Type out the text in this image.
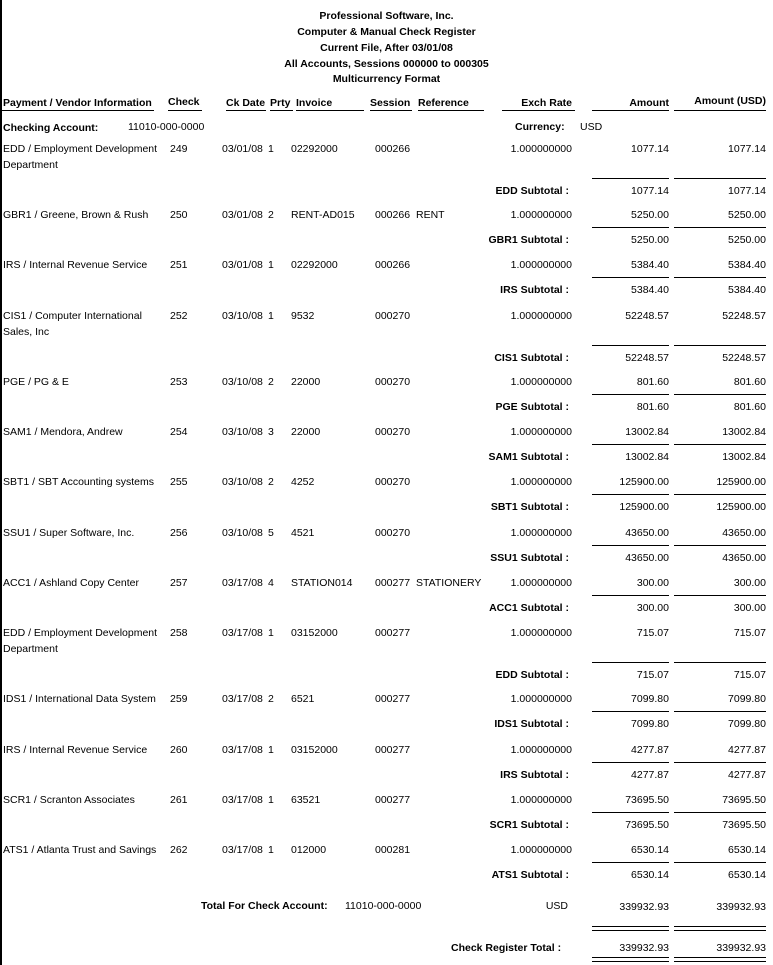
Professional Software, Inc.
Computer & Manual Check Register
Current File, After 03/01/08
All Accounts, Sessions 000000 to 000305
Multicurrency Format
Payment / Vendor Information Check	Ck Date Prty Invoice	Session Reference	Exch Rate	Amount	Amount (USD)
Checking Account:	11010-000-0000	Currency: USD
EDD / Employment Development Department
249	03/01/08 1 02292000	000266	1.000000000	1077.14	1077.14
EDD Subtotal :	1077.14	1077.14
GBR1 / Greene, Brown & Rush	250	03/01/08 2 RENT-AD015 000266 RENT	1.000000000	5250.00	5250.00
GBR1 Subtotal :	5250.00	5250.00
IRS / Internal Revenue Service	251	03/01/08 1 02292000	000266	1.000000000	5384.40	5384.40
IRS Subtotal :	5384.40	5384.40
CIS1 / Computer International Sales, Inc
252	03/10/08 1 9532	000270	1.000000000	52248.57	52248.57
CIS1 Subtotal :	52248.57	52248.57
PGE / PG & E	253	03/10/08 2 22000	000270	1.000000000	801.60	801.60
PGE Subtotal :	801.60	801.60
SAM1 / Mendora, Andrew	254	03/10/08 3 22000	000270	1.000000000	13002.84	13002.84
SAM1 Subtotal :	13002.84	13002.84
SBT1 / SBT Accounting systems	255	03/10/08 2 4252	000270	1.000000000	125900.00	125900.00
SBT1 Subtotal :	125900.00	125900.00
SSU1 / Super Software, Inc.	256	03/10/08 5 4521	000270	1.000000000	43650.00	43650.00
SSU1 Subtotal :	43650.00	43650.00
ACC1 / Ashland Copy Center	257	03/17/08 4 STATION014 000277 STATIONERY	1.000000000	300.00	300.00
ACC1 Subtotal :	300.00	300.00
EDD / Employment Development Department
258	03/17/08 1 03152000	000277	1.000000000	715.07	715.07
EDD Subtotal :	715.07	715.07
IDS1 / International Data System	259	03/17/08 2 6521	000277	1.000000000	7099.80	7099.80
IDS1 Subtotal :	7099.80	7099.80
IRS / Internal Revenue Service	260	03/17/08 1 03152000	000277	1.000000000	4277.87	4277.87
IRS Subtotal :	4277.87	4277.87
SCR1 / Scranton Associates	261	03/17/08 1 63521	000277	1.000000000	73695.50	73695.50
SCR1 Subtotal :	73695.50	73695.50
ATS1 / Atlanta Trust and Savings	262	03/17/08 1 012000	000281	1.000000000	6530.14	6530.14
ATS1 Subtotal :	6530.14	6530.14
Total For Check Account: 11010-000-0000	USD	339932.93	339932.93
Check Register Total :	339932.93	339932.93
